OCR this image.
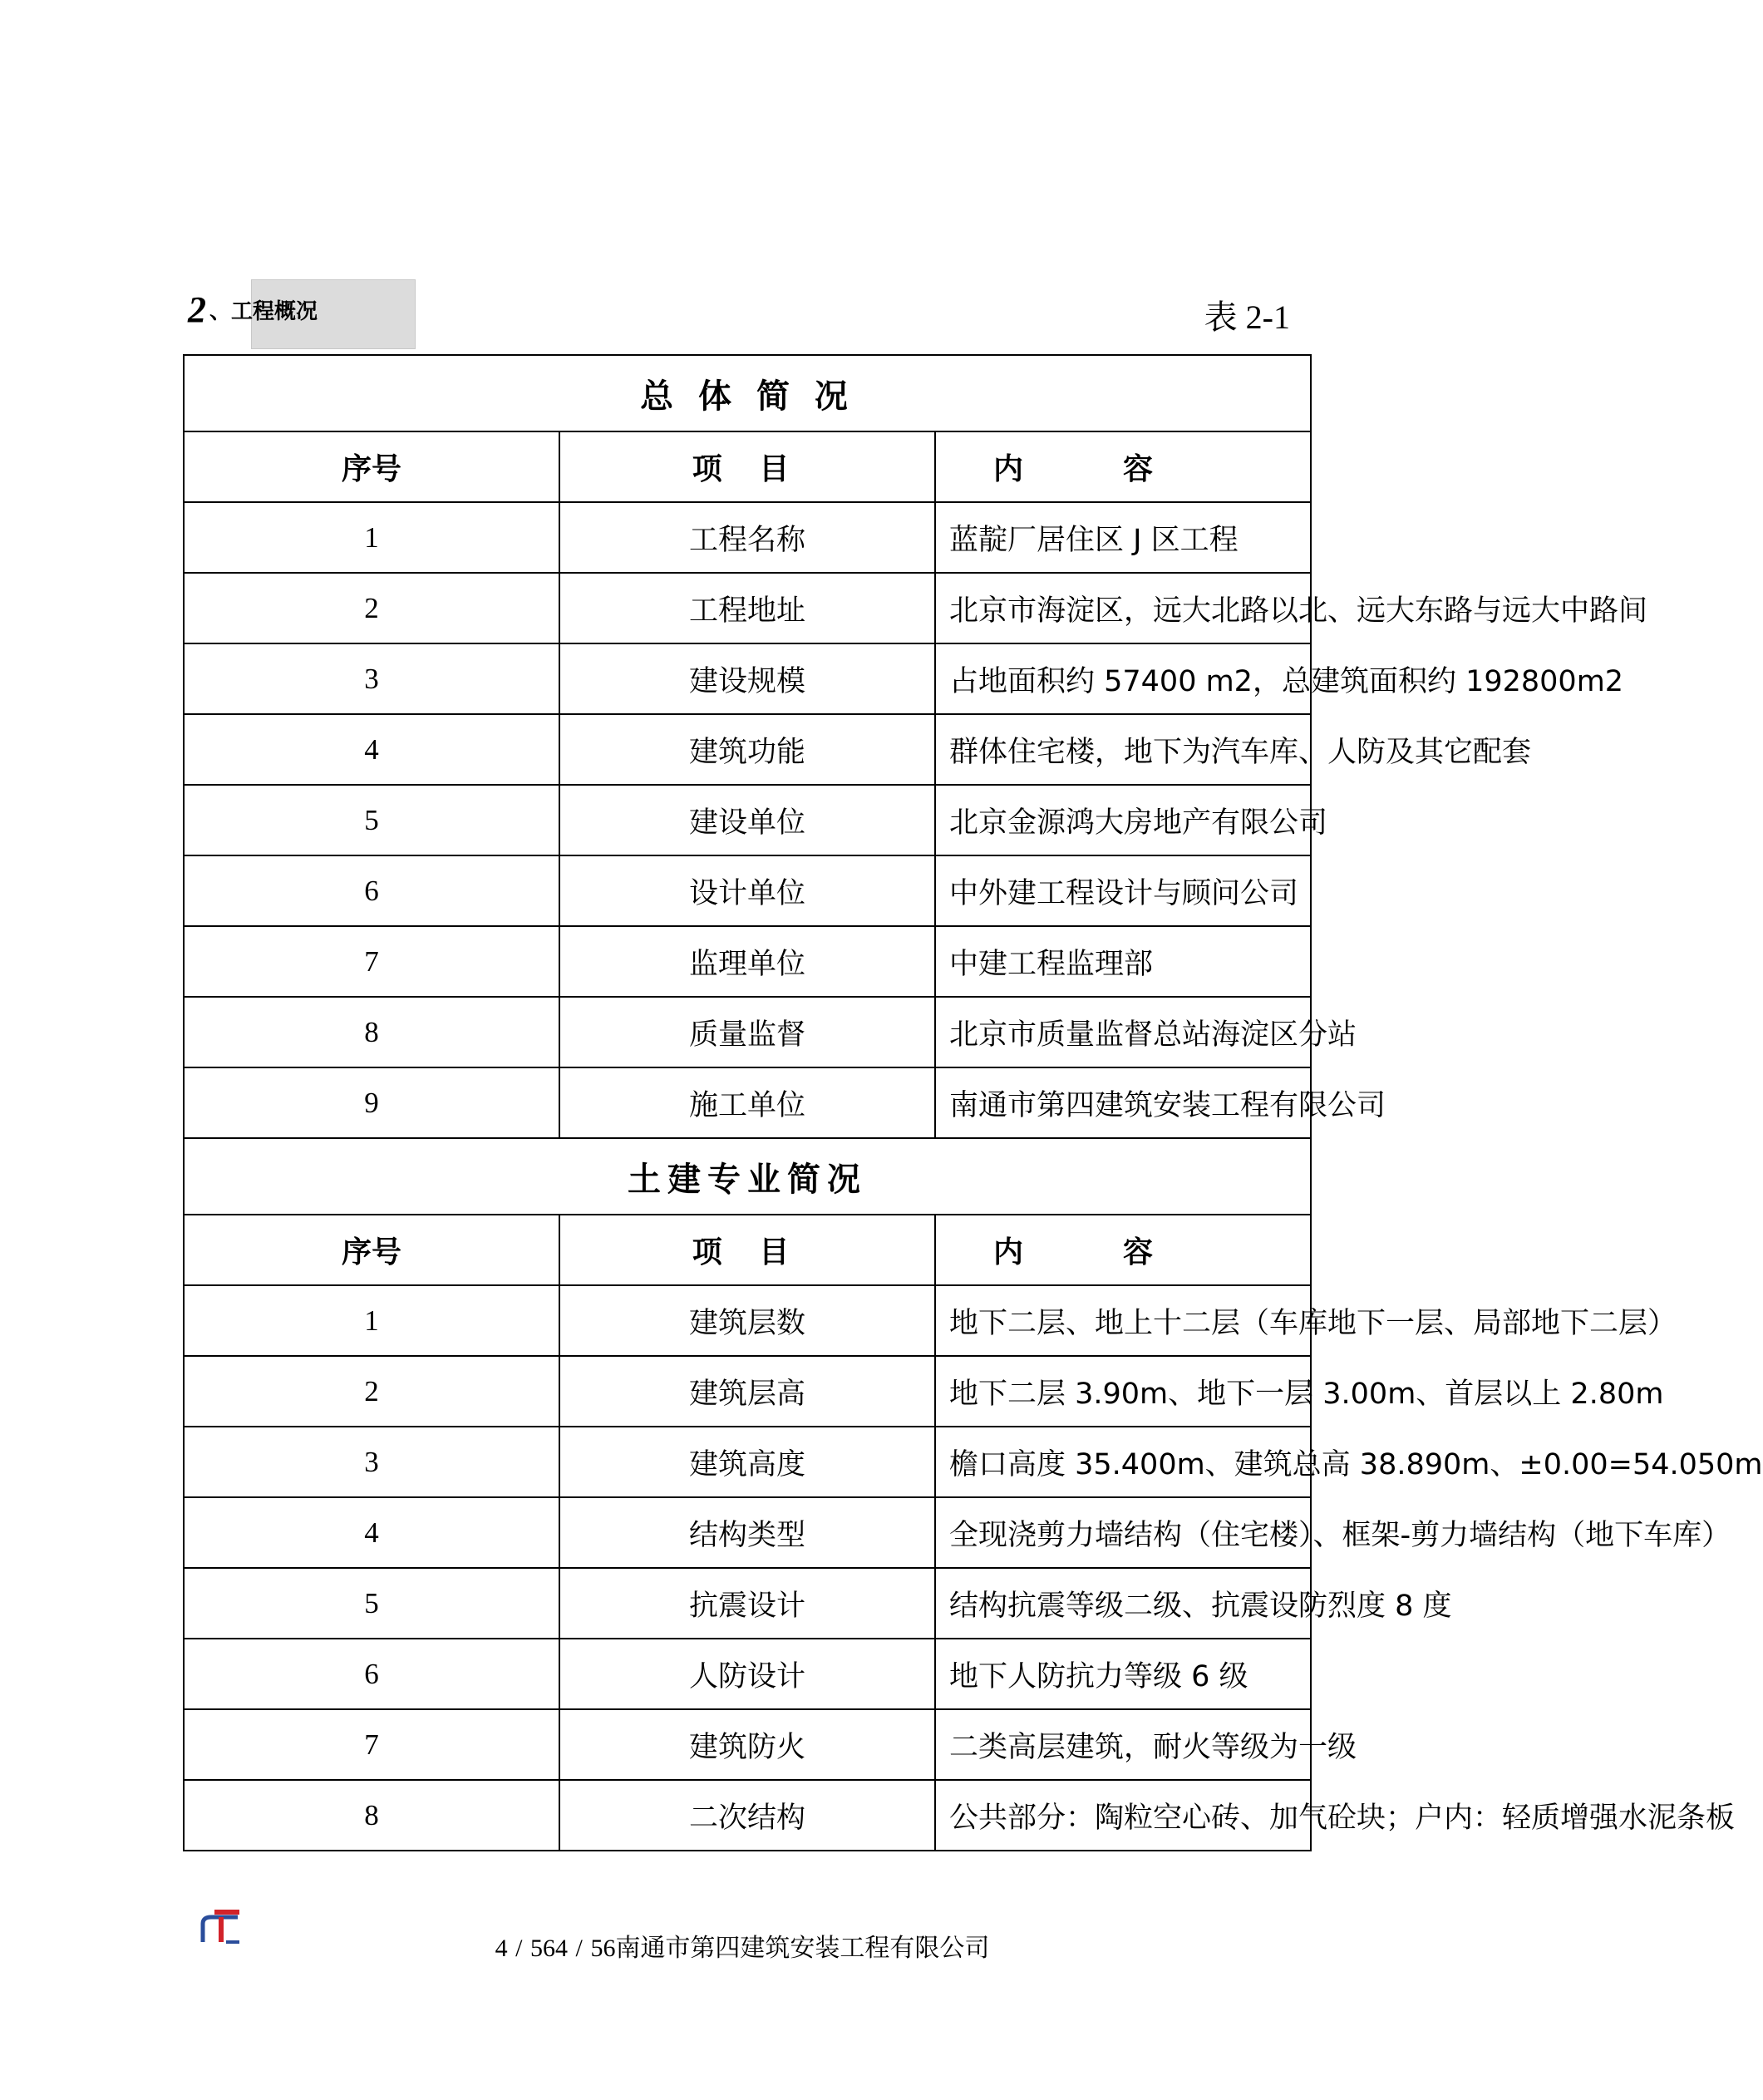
2 、工程概况	表 2-1
总 体 简 况		
序号	项 目	内容
1	工程名称	蓝靛厂居住区 J 区工程
2	工程地址	北京市海淀区，远大北路以北、远大东路与远大中路间
3	建设规模	占地面积约 57400 m2，总建筑面积约 192800m2
4	建筑功能	群体住宅楼，地下为汽车库、人防及其它配套
5	建设单位	北京金源鸿大房地产有限公司
6	设计单位	中外建工程设计与顾问公司
7	监理单位	中建工程监理部
8	质量监督	北京市质量监督总站海淀区分站
9	施工单位	南通市第四建筑安装工程有限公司
土建专业简况		
序号	项 目	内容
1	建筑层数	地下二层、地上十二层（车库地下一层、局部地下二层）
2	建筑层高	地下二层 3.90m、地下一层 3.00m、首层以上 2.80m
3	建筑高度	檐口高度 35.400m、建筑总高 38.890m、±0.00=54.050m
4	结构类型	全现浇剪力墙结构（住宅楼）、框架-剪力墙结构（地下车库）
5	抗震设计	结构抗震等级二级、抗震设防烈度 8 度
6	人防设计	地下人防抗力等级 6 级
7	建筑防火	二类高层建筑，耐火等级为一级
8	二次结构	公共部分：陶粒空心砖、加气砼块；户内：轻质增强水泥条板
4 / 564 / 56南通市第四建筑安装工程有限公司
